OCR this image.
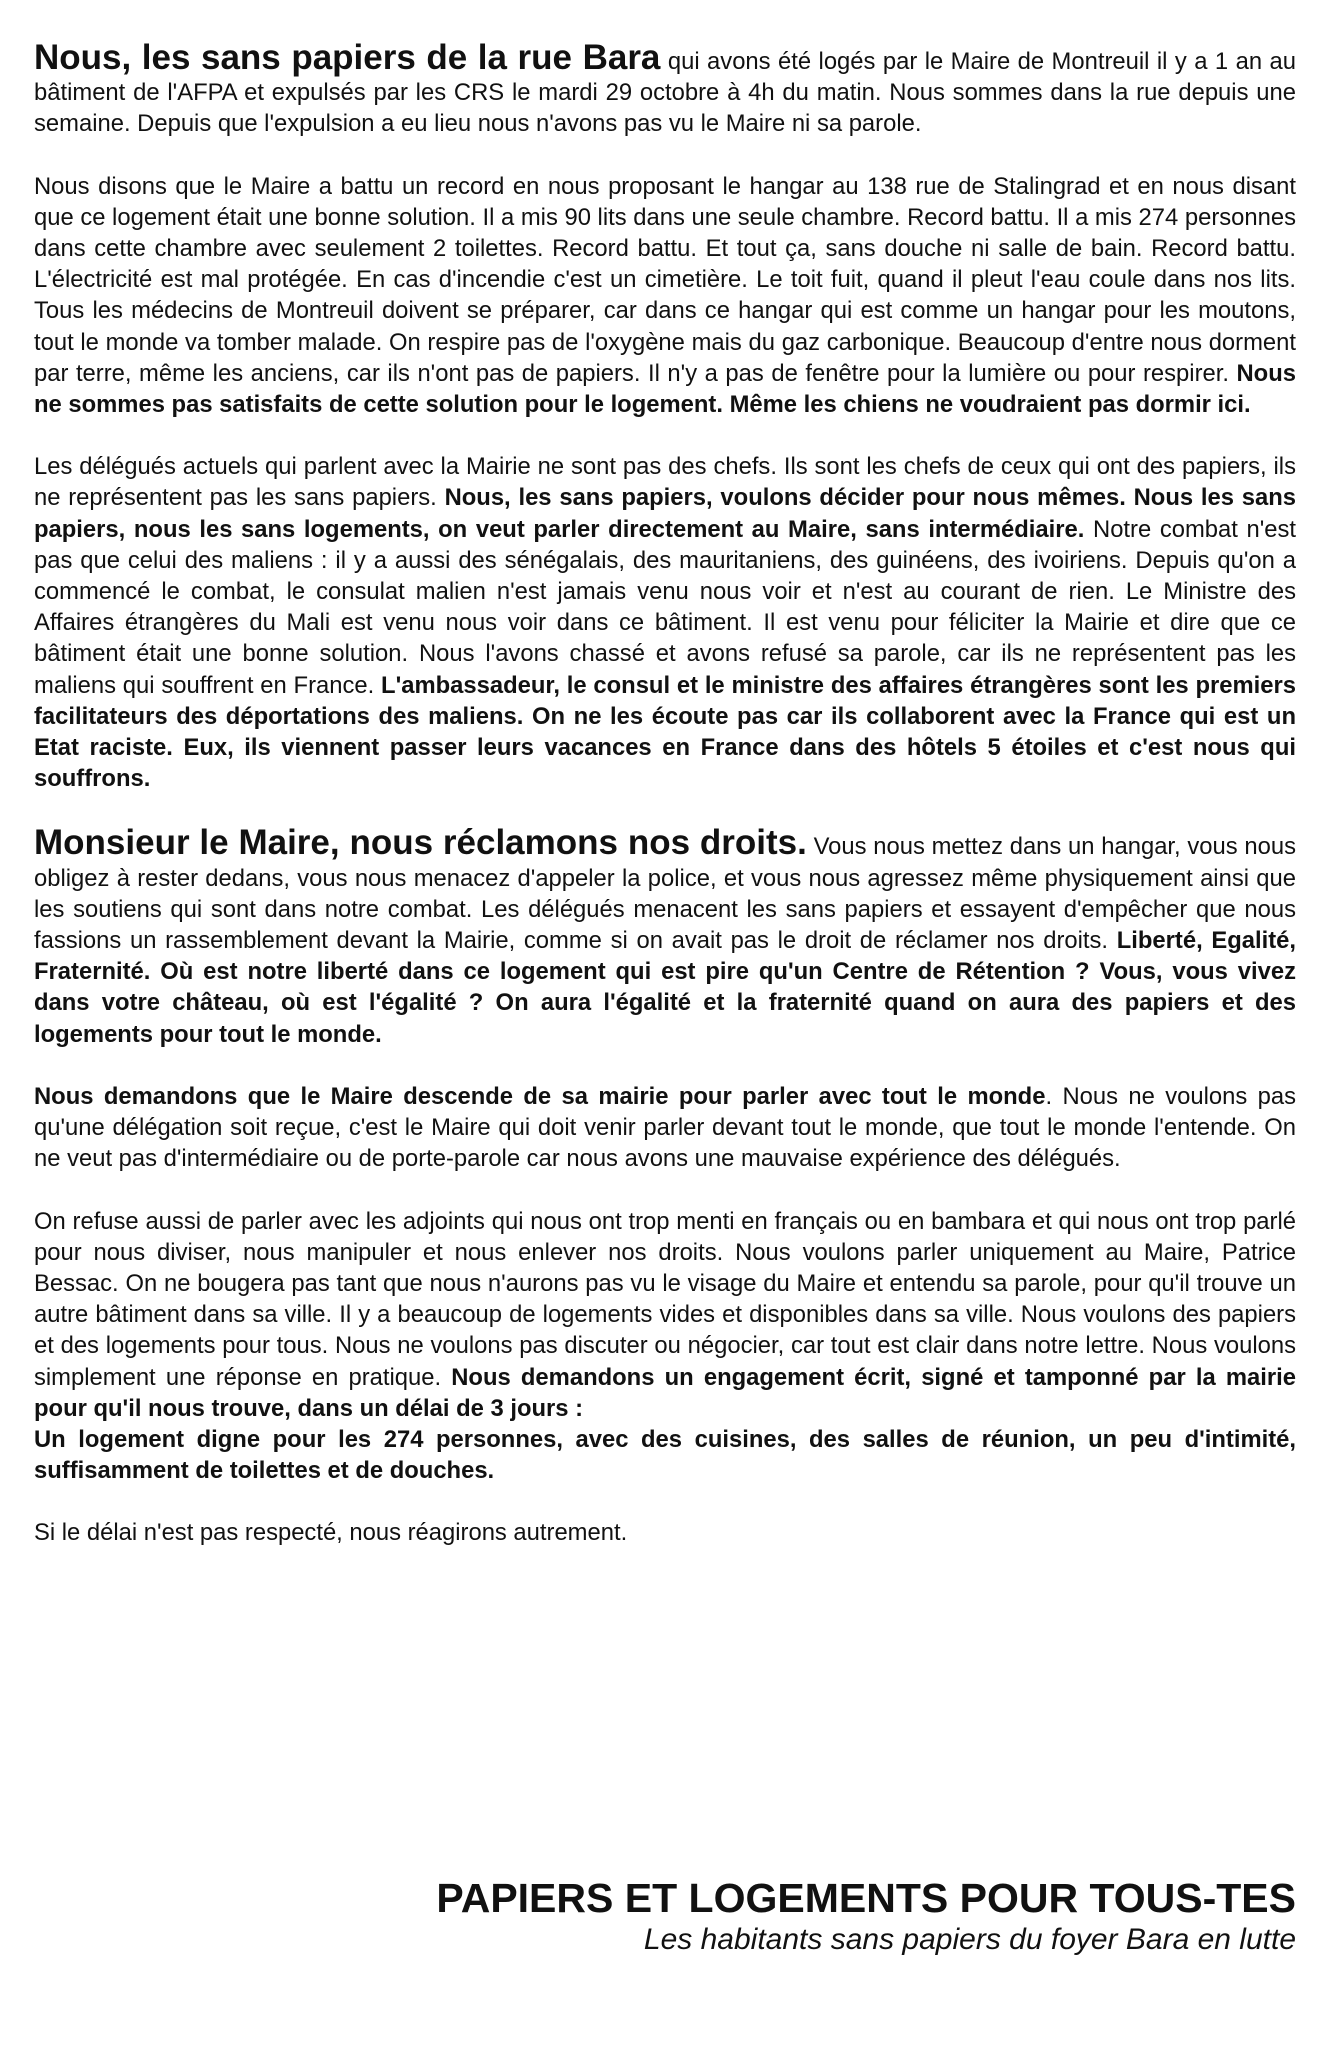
Nous, les sans papiers de la rue Bara qui avons été logés par le Maire de Montreuil il y a 1 an au bâtiment de l'AFPA et expulsés par les CRS le mardi 29 octobre à 4h du matin. Nous sommes dans la rue depuis une semaine. Depuis que l'expulsion a eu lieu nous n'avons pas vu le Maire ni sa parole.

Nous disons que le Maire a battu un record en nous proposant le hangar au 138 rue de Stalingrad et en nous disant que ce logement était une bonne solution. Il a mis 90 lits dans une seule chambre. Record battu. Il a mis 274 personnes dans cette chambre avec seulement 2 toilettes. Record battu. Et tout ça, sans douche ni salle de bain. Record battu. L'électricité est mal protégée. En cas d'incendie c'est un cimetière. Le toit fuit, quand il pleut l'eau coule dans nos lits. Tous les médecins de Montreuil doivent se préparer, car dans ce hangar qui est comme un hangar pour les moutons, tout le monde va tomber malade. On respire pas de l'oxygène mais du gaz carbonique. Beaucoup d'entre nous dorment par terre, même les anciens, car ils n'ont pas de papiers. Il n'y a pas de fenêtre pour la lumière ou pour respirer. Nous ne sommes pas satisfaits de cette solution pour le logement. Même les chiens ne voudraient pas dormir ici.

Les délégués actuels qui parlent avec la Mairie ne sont pas des chefs. Ils sont les chefs de ceux qui ont des papiers, ils ne représentent pas les sans papiers. Nous, les sans papiers, voulons décider pour nous mêmes. Nous les sans papiers, nous les sans logements, on veut parler directement au Maire, sans intermédiaire. Notre combat n'est pas que celui des maliens : il y a aussi des sénégalais, des mauritaniens, des guinéens, des ivoiriens. Depuis qu'on a commencé le combat, le consulat malien n'est jamais venu nous voir et n'est au courant de rien. Le Ministre des Affaires étrangères du Mali est venu nous voir dans ce bâtiment. Il est venu pour féliciter la Mairie et dire que ce bâtiment était une bonne solution. Nous l'avons chassé et avons refusé sa parole, car ils ne représentent pas les maliens qui souffrent en France. L'ambassadeur, le consul et le ministre des affaires étrangères sont les premiers facilitateurs des déportations des maliens. On ne les écoute pas car ils collaborent avec la France qui est un Etat raciste. Eux, ils viennent passer leurs vacances en France dans des hôtels 5 étoiles et c'est nous qui souffrons.

Monsieur le Maire, nous réclamons nos droits. Vous nous mettez dans un hangar, vous nous obligez à rester dedans, vous nous menacez d'appeler la police, et vous nous agressez même physiquement ainsi que les soutiens qui sont dans notre combat. Les délégués menacent les sans papiers et essayent d'empêcher que nous fassions un rassemblement devant la Mairie, comme si on avait pas le droit de réclamer nos droits. Liberté, Egalité, Fraternité. Où est notre liberté dans ce logement qui est pire qu'un Centre de Rétention ? Vous, vous vivez dans votre château, où est l'égalité ? On aura l'égalité et la fraternité quand on aura des papiers et des logements pour tout le monde.

Nous demandons que le Maire descende de sa mairie pour parler avec tout le monde. Nous ne voulons pas qu'une délégation soit reçue, c'est le Maire qui doit venir parler devant tout le monde, que tout le monde l'entende. On ne veut pas d'intermédiaire ou de porte-parole car nous avons une mauvaise expérience des délégués.

On refuse aussi de parler avec les adjoints qui nous ont trop menti en français ou en bambara et qui nous ont trop parlé pour nous diviser, nous manipuler et nous enlever nos droits. Nous voulons parler uniquement au Maire, Patrice Bessac. On ne bougera pas tant que nous n'aurons pas vu le visage du Maire et entendu sa parole, pour qu'il trouve un autre bâtiment dans sa ville. Il y a beaucoup de logements vides et disponibles dans sa ville. Nous voulons des papiers et des logements pour tous. Nous ne voulons pas discuter ou négocier, car tout est clair dans notre lettre. Nous voulons simplement une réponse en pratique. Nous demandons un engagement écrit, signé et tamponné par la mairie pour qu'il nous trouve, dans un délai de 3 jours :
Un logement digne pour les 274 personnes, avec des cuisines, des salles de réunion, un peu d'intimité, suffisamment de toilettes et de douches.

Si le délai n'est pas respecté, nous réagirons autrement.

PAPIERS ET LOGEMENTS POUR TOUS-TES
Les habitants sans papiers du foyer Bara en lutte
